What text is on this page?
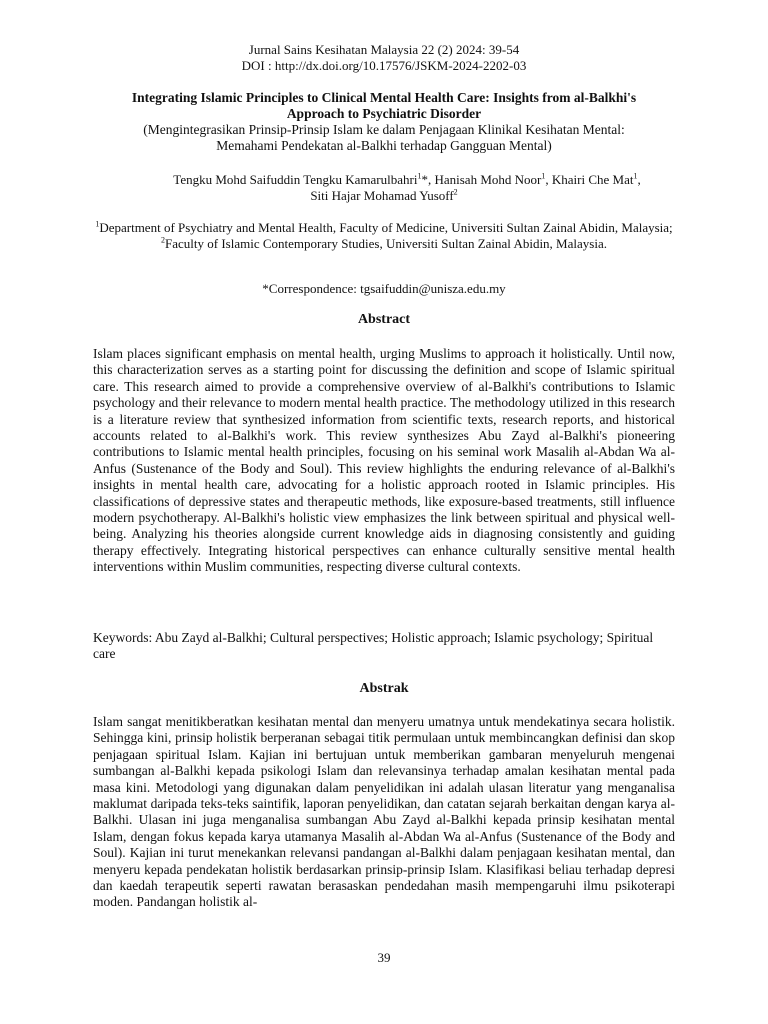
Jurnal Sains Kesihatan Malaysia 22 (2) 2024: 39-54
DOI : http://dx.doi.org/10.17576/JSKM-2024-2202-03
Integrating Islamic Principles to Clinical Mental Health Care: Insights from al-Balkhi's
Approach to Psychiatric Disorder
(Mengintegrasikan Prinsip-Prinsip Islam ke dalam Penjagaan Klinikal Kesihatan Mental:
Memahami Pendekatan al-Balkhi terhadap Gangguan Mental)
Tengku Mohd Saifuddin Tengku Kamarulbahri$^1$*, Hanisah Mohd Noor$^1$, Khairi Che Mat$^1$,
Siti Hajar Mohamad Yusoff$^2$
$^1$Department of Psychiatry and Mental Health, Faculty of Medicine, Universiti Sultan Zainal Abidin, Malaysia;
$^2$Faculty of Islamic Contemporary Studies, Universiti Sultan Zainal Abidin, Malaysia.
*Correspondence: tgsaifuddin@unisza.edu.my
Abstract
Islam places significant emphasis on mental health, urging Muslims to approach it holistically. Until now, this characterization serves as a starting point for discussing the definition and scope of Islamic spiritual care. This research aimed to provide a comprehensive overview of al-Balkhi's contributions to Islamic psychology and their relevance to modern mental health practice. The methodology utilized in this research is a literature review that synthesized information from scientific texts, research reports, and historical accounts related to al-Balkhi's work. This review synthesizes Abu Zayd al-Balkhi's pioneering contributions to Islamic mental health principles, focusing on his seminal work Masalih al-Abdan Wa al-Anfus (Sustenance of the Body and Soul). This review highlights the enduring relevance of al-Balkhi's insights in mental health care, advocating for a holistic approach rooted in Islamic principles. His classifications of depressive states and therapeutic methods, like exposure-based treatments, still influence modern psychotherapy. Al-Balkhi's holistic view emphasizes the link between spiritual and physical well-being. Analyzing his theories alongside current knowledge aids in diagnosing consistently and guiding therapy effectively. Integrating historical perspectives can enhance culturally sensitive mental health interventions within Muslim communities, respecting diverse cultural contexts.
Keywords: Abu Zayd al-Balkhi; Cultural perspectives; Holistic approach; Islamic psychology; Spiritual care
Abstrak
Islam sangat menitikberatkan kesihatan mental dan menyeru umatnya untuk mendekatinya secara holistik. Sehingga kini, prinsip holistik berperanan sebagai titik permulaan untuk membincangkan definisi dan skop penjagaan spiritual Islam. Kajian ini bertujuan untuk memberikan gambaran menyeluruh mengenai sumbangan al-Balkhi kepada psikologi Islam dan relevansinya terhadap amalan kesihatan mental pada masa kini. Metodologi yang digunakan dalam penyelidikan ini adalah ulasan literatur yang menganalisa maklumat daripada teks-teks saintifik, laporan penyelidikan, dan catatan sejarah berkaitan dengan karya al-Balkhi. Ulasan ini juga menganalisa sumbangan Abu Zayd al-Balkhi kepada prinsip kesihatan mental Islam, dengan fokus kepada karya utamanya Masalih al-Abdan Wa al-Anfus (Sustenance of the Body and Soul). Kajian ini turut menekankan relevansi pandangan al-Balkhi dalam penjagaan kesihatan mental, dan menyeru kepada pendekatan holistik berdasarkan prinsip-prinsip Islam. Klasifikasi beliau terhadap depresi dan kaedah terapeutik seperti rawatan berasaskan pendedahan masih mempengaruhi ilmu psikoterapi moden. Pandangan holistik al-
39
